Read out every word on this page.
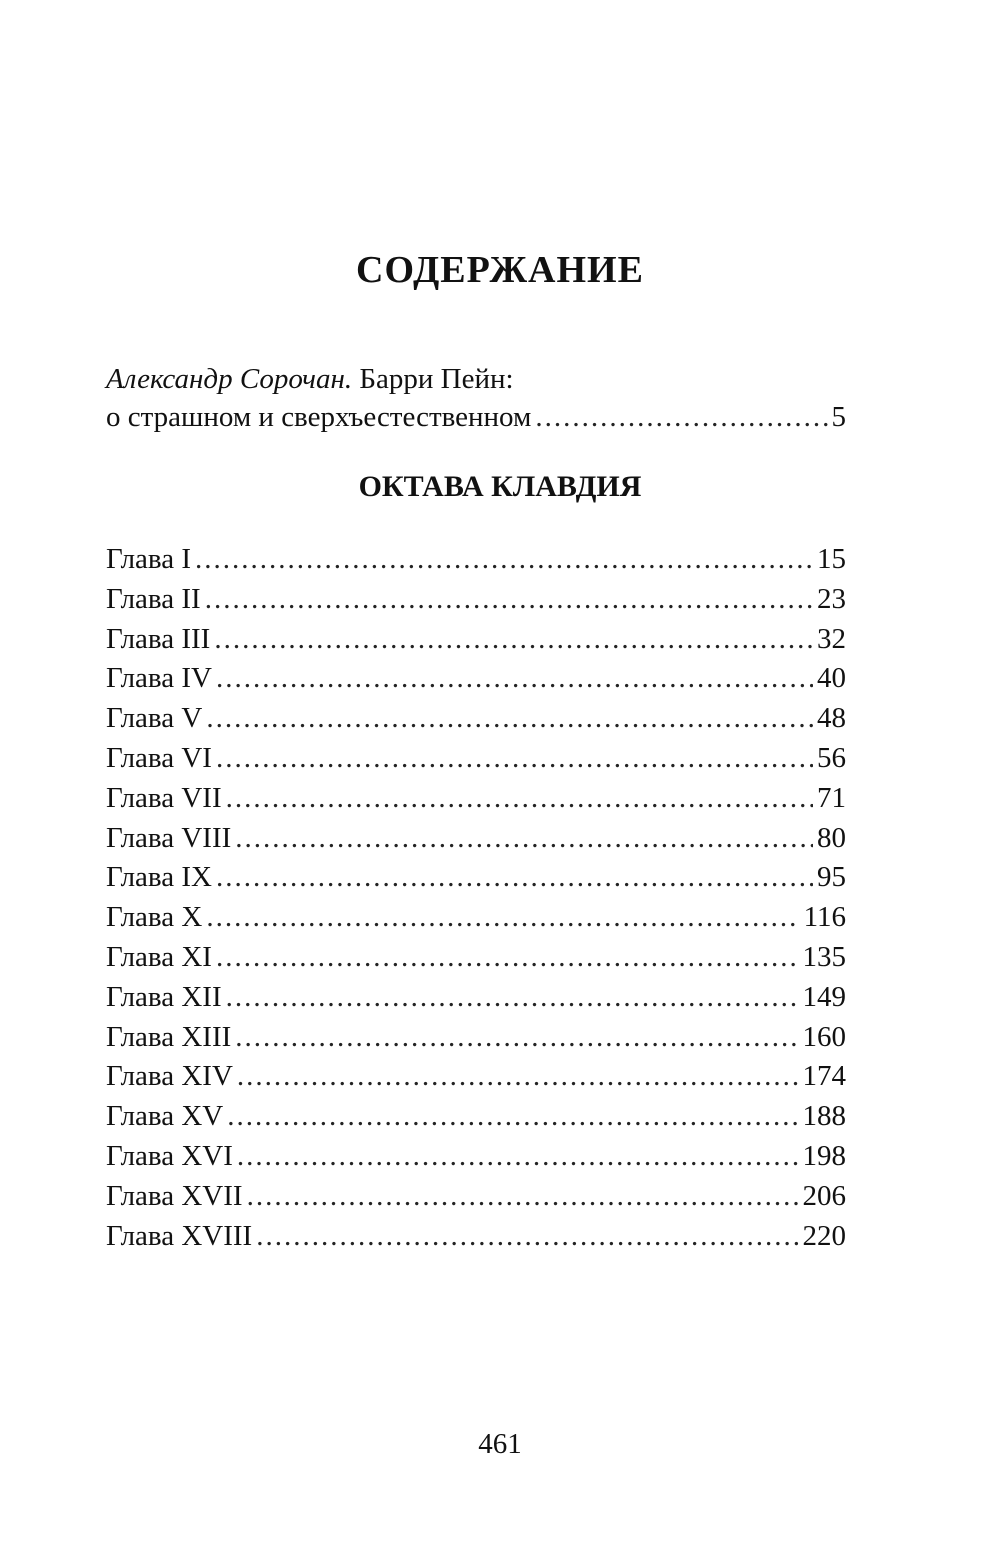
СОДЕРЖАНИЕ
Александр Сорочан. Барри Пейн:
о страшном и сверхъестественном .....	5
ОКТАВА КЛАВДИЯ
Глава I .....	15
Глава II .....	23
Глава III .....	32
Глава IV .....	40
Глава V .....	48
Глава VI .....	56
Глава VII .....	71
Глава VIII .....	80
Глава IX .....	95
Глава X .....	116
Глава XI .....	135
Глава XII .....	149
Глава XIII .....	160
Глава XIV .....	174
Глава XV .....	188
Глава XVI .....	198
Глава XVII .....	206
Глава XVIII .....	220
461
